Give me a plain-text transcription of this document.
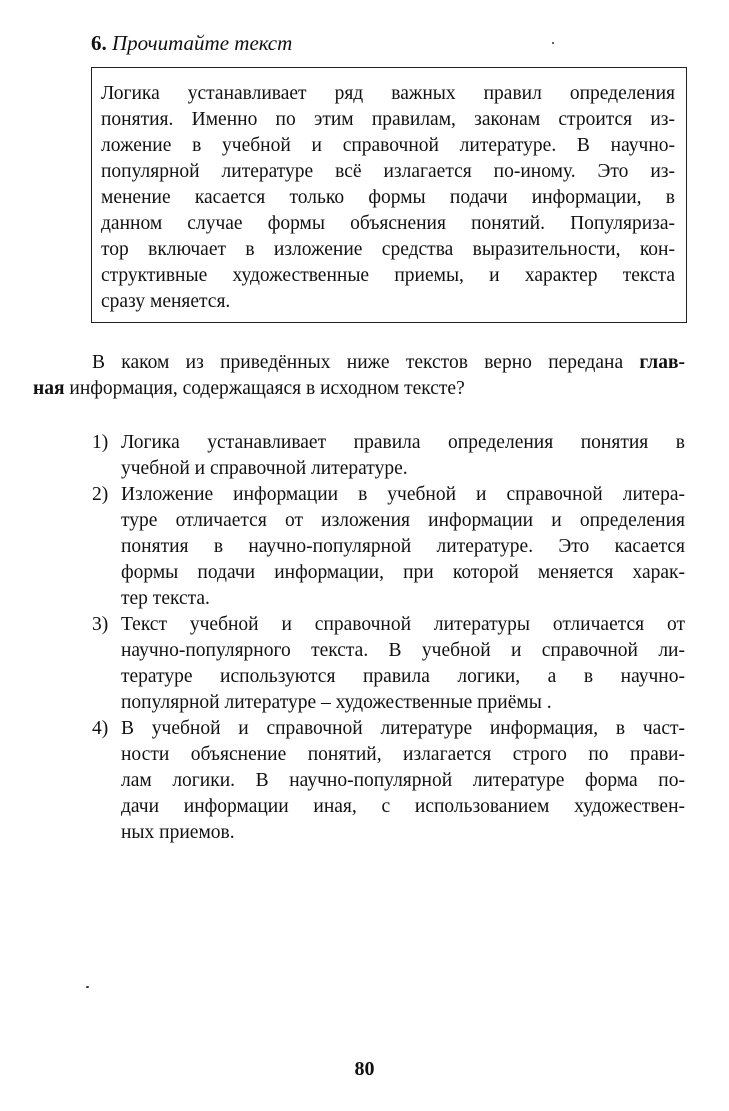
6. Прочитайте текст
Логика устанавливает ряд важных правил определения
понятия. Именно по этим правилам, законам строится из-
ложение в учебной и справочной литературе. В научно-
популярной литературе всё излагается по-иному. Это из-
менение касается только формы подачи информации, в
данном случае формы объяснения понятий. Популяриза-
тор включает в изложение средства выразительности, кон-
структивные художественные приемы, и характер текста
сразу меняется.
В каком из приведённых ниже текстов верно передана глав-
ная информация, содержащаяся в исходном тексте?
1) Логика устанавливает правила определения понятия в
учебной и справочной литературе.
2) Изложение информации в учебной и справочной литера-
туре отличается от изложения информации и определения
понятия в научно-популярной литературе. Это касается
формы подачи информации, при которой меняется харак-
тер текста.
3) Текст учебной и справочной литературы отличается от
научно-популярного текста. В учебной и справочной ли-
тературе используются правила логики, а в научно-
популярной литературе – художественные приёмы .
4) В учебной и справочной литературе информация, в част-
ности объяснение понятий, излагается строго по прави-
лам логики. В научно-популярной литературе форма по-
дачи информации иная, с использованием художествен-
ных приемов.
80
